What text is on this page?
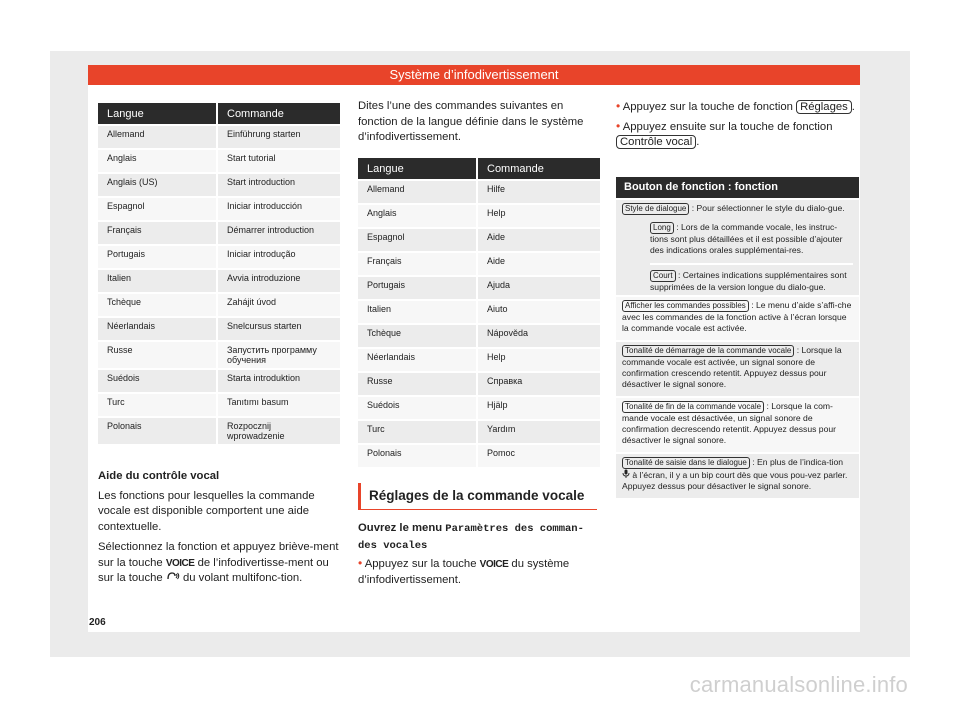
Système d’infodivertissement
Langue	Commande
Allemand	Einführung starten
Anglais	Start tutorial
Anglais (US)	Start introduction
Espagnol	Iniciar introducción
Français	Démarrer introduction
Portugais	Iniciar introdução
Italien	Avvia introduzione
Tchèque	Zahájit úvod
Néerlandais	Snelcursus starten
Russe	Запустить программу обучения
Suédois	Starta introduktion
Turc	Tanıtımı basum
Polonais	Rozpocznij wprowadzenie

Aide du contrôle vocal

Les fonctions pour lesquelles la commande vocale est disponible comportent une aide contextuelle.

Sélectionnez la fonction et appuyez briève-ment sur la touche VOICE de l’infodivertisse-ment ou sur la touche du volant multifonc-tion.

Dites l’une des commandes suivantes en fonction de la langue définie dans le système d’infodivertissement.
Langue	Commande
Allemand	Hilfe
Anglais	Help
Espagnol	Aide
Français	Aide
Portugais	Ajuda
Italien	Aiuto
Tchèque	Nápověda
Néerlandais	Help
Russe	Справка
Suédois	Hjälp
Turc	Yardım
Polonais	Pomoc
Réglages de la commande vocale

Ouvrez le menu Paramètres des comman-des vocales

• Appuyez sur la touche VOICE du système d’infodivertissement.

• Appuyez sur la touche de fonction Réglages .

• Appuyez ensuite sur la touche de fonction Contrôle vocal .

Bouton de fonction : fonction
Style de dialogue : Pour sélectionner le style du dialo-gue.
Long : Lors de la commande vocale, les instruc-tions sont plus détaillées et il est possible d’ajouter des indications orales supplémentai-res.
Court : Certaines indications supplémentaires sont supprimées de la version longue du dialo-gue.
Afficher les commandes possibles : Le menu d’aide s’affi-che avec les commandes de la fonction active à l’écran lorsque la commande vocale est activée.
Tonalité de démarrage de la commande vocale : Lorsque la commande vocale est activée, un signal sonore de confirmation crescendo retentit. Appuyez dessus pour désactiver le signal sonore.
Tonalité de fin de la commande vocale : Lorsque la com-mande vocale est désactivée, un signal sonore de confirmation decrescendo retentit. Appuyez dessus pour désactiver le signal sonore.
Tonalité de saisie dans le dialogue : En plus de l’indica-tion  à l’écran, il y a un bip court dès que vous pou-vez parler. Appuyez dessus pour désactiver le signal sonore.
206
carmanualsonline.info
